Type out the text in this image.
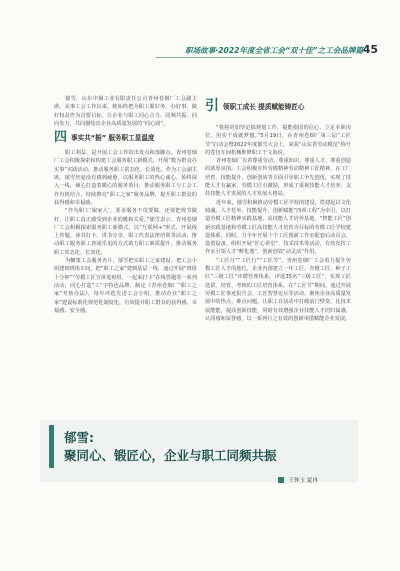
职场故事·2022年度全省工会“双十佳”之工会品牌篇 45

郁雪，山东中烟工业有限责任公司青州卷烟厂工会副主席。从事工会工作以来，她始终把为职工服好务、办好事、做好权益作为首要目标，让企业与职工同心合力、同频共振、同向发力，共同描绘出企业高质量发展的“同心圆”。

四 事实共“振” 服务职工显温度

职工利益，是开展工会工作的出发点和落脚点。青州卷烟厂工会积极探索和构建工会服务职工新模式，开展“数为群众办实事”实践活动，推动服务职工常态化、长效化。作为工会副主席，郁雪丝毫没有感到疲惫，以服务职工的热心诚心，始终深入一线，倾心打造着暖心的服务项目，推动服务职工与工会工作有机结合，持续擦亮“职工之家”服务品牌，提升职工群众的获得感和幸福感。

“作为职工‘娘家人’，要多服务不仅要做，还要把规节做好，让职工真正感受到企业的暖和关爱。”郁雪表示。青州卷烟厂工会积极探索服务职工新模式，以“互联网+”形式，开展线上答题、读书打卡、讲书分享、职工代表法律培训等活动，推动职工服务职工喜闻乐见的方式助力职工素质提升，推动服务职工常态化、长效化。

为鞭策工会服务名片，郁雪把实职工之家建设、把工会小组建到班组车间，把“职工之家”建到基层一线，通过开展“班组十分钟”“劳模工匠宣讲进班组、一起来打卡”在线答题等一系列活动，同心打造“工”字特色品牌，制定《青州卷烟厂“职工之家”考核办法》，每年评选先进工会小组，推动企业“职工之家”建设标准化规范化制度化，有效提升职工群众的获得感、幸福感、安全感。

引 领职工成长 提质赋能铸匠心

“我将更加坚定搞规划工作，提能指国的信心、立足本职岗位，用实干成就梦想。”5月19日，在青州卷烟厂第三届“工匠节”启动会暨2022年度郁雪大会上，荣获“山东省劳动模范”称号的卷包车间机械维修职工于文海说。

青州卷烟厂有着尊重劳动、尊重知识、尊重人才、尊重创造的浓厚氛围，工会积极宣传劳模精神劳动精神工匠精神，在工厂培育、技能提升、创新创效等方面引导职工争先创优，实现了技能人才有赢家、劳模工匠有激励，形成了重视技能人才培养、支持技能人才发展的人才发展大格局。

近年来，郁雪积极推动劳模工匠学校的建设，搭建起以文化铸魂、人才托举、技能提升、创新赋能“四项工程”为牵引，以打造劳模工匠精神实践基地、高技能人才培养基地、“智能工匠”创新实践基地和劳模工匠高技能人才培育为目标的劳模工匠学校建设体系。同时，力全年开展十个工匠创新工作室配套后动员会，设置设备、组织开展“匠心讲堂”，技术技术等活动，有效发挥工作室引领人才“孵化器”，创新创效“动灵活”作用。

“工匠月”“工匠行”“工匠节”，青州卷烟厂工会着力提升劳模工匠人才的地位，企业内部建立一年工匠、青檀工匠、种子工匠“三级工匠”评聘管理体系，评选35名“三级工匠”，实现工匠选拔、培育、考核的工匠培育体系。在“工匠节”期间，通过开展劳模工匠事迹报告会、工匠智慧论坛等活动，聚焦企业高质量发展中的热点、难点问题，让职工在活动中打破前门壁垒、比技术展能能，提高创新技能，同时有效增强企业技能人才的归属感，认同感和荣誉感，以一系列行之有效的创新举措赋能企业发展。

郁雪:
聚同心、锻匠心，企业与职工同频共振
王钟玉 夏冉
